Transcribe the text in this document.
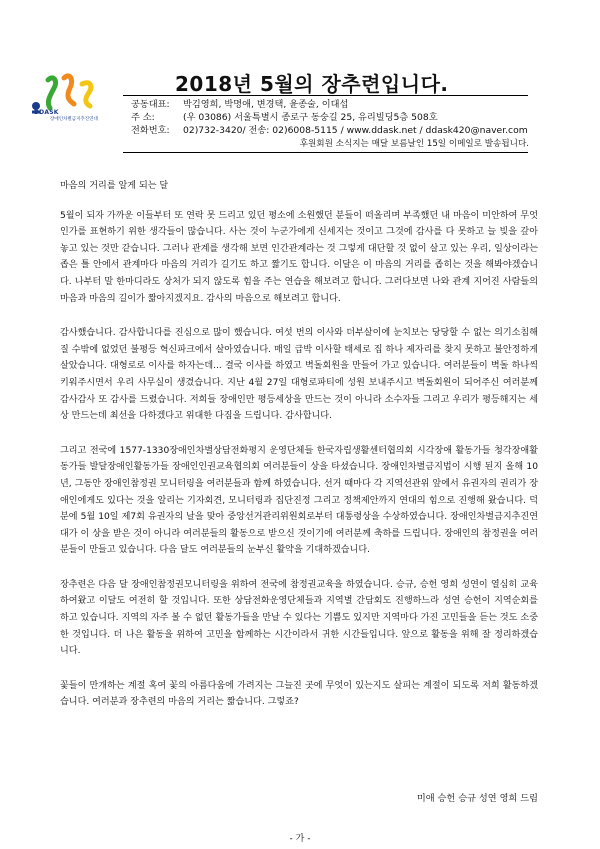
DDASK
장애인차별금지추진연대
2018년 5월의 장추련입니다.
공동대표: 박김영희, 박명애, 변경택, 윤종술, 이대섭
주 소:	(우 03086) 서울특별시 종로구 동숭길 25, 유리빌딩5층 508호
전화번호: 02)732-3420/ 전송: 02)6008-5115 / www.ddask.net / ddask420@naver.com
후원회원 소식지는 매달 보름날인 15일 이메일로 발송됩니다.

마음의 거리를 알게 되는 달

5월이 되자 가까운 이들부터 또 연락 못 드리고 있던 평소에 소원했던 분들이 떠올리며 부족했던 내 마음이 미안하여 무엇인가를 표현하기 위한 생각들이 많습니다. 사는 것이 누군가에게 신세지는 것이고 그것에 감사를 다 못하고 늘 빚을 갚아놓고 있는 것만 같습니다. 그러나 관계를 생각해 보면 인간관계라는 것 그렇게 대단할 것 없이 살고 있는 우리, 일상이라는 좁은 틀 안에서 관계마다 마음의 거리가 길기도 하고 짧기도 합니다. 이달은 이 마음의 거리를 좁히는 것을 해봐야겠습니다. 나부터 말 한마디라도 상처가 되지 않도록 힘을 주는 연습을 해보려고 합니다. 그러다보면 나와 관계 지어진 사람들의 마음과 마음의 길이가 짧아지겠지요. 감사의 마음으로 해보려고 합니다.

감사했습니다. 감사합니다를 진심으로 많이 했습니다. 여섯 번의 이사와 더부살이에 눈치보는 당당할 수 없는 의기소침해질 수밖에 없었던 불평등 혁신파크에서 살아였습니다. 매일 급박 이사할 태세로 집 하나 제자리를 찾지 못하고 불안정하게 살았습니다. 대형로로 이사를 하자는데... 결국 이사를 하였고 벽돌회원을 만들어 가고 있습니다. 여러분들이 벽돌 하나씩 키워주시면서 우리 사무실이 생겼습니다. 지난 4월 27일 대형로파티에 성원 보내주시고 벽돌회원이 되어주신 여러분께 감사감사 또 감사를 드렸습니다. 저희들 장애인만 평등세상을 만드는 것이 아니라 소수자들 그리고 우리가 평등해지는 세상 만드는데 최선을 다하겠다고 위대한 다짐을 드립니다. 감사합니다.

그리고 전국에 1577-1330장애인차별상담전화평지 운영단체들 한국자립생활센터협의회 시각장애 활동가들 청각장애활동가들 발달장애인활동가들 장애인인권교육협의회 여러분들이 상을 타셨습니다. 장애인차별금지법이 시행 된지 올해 10년, 그동안 장애인참정권 모니터링을 여러분들과 함께 하였습니다. 선거 때마다 각 지역선관위 앞에서 유권자의 권리가 장애인에게도 있다는 것을 알리는 기자회견, 모니터링과 집단진정 그리고 정책제안까지 연대의 힘으로 진행해 왔습니다. 덕분에 5월 10일 제7회 유권자의 날을 맞아 중앙선거관리위원회로부터 대통령상을 수상하였습니다. 장애인차별금지추진연대가 이 상을 받은 것이 아니라 여러분들의 활동으로 받으신 것이기에 여러분께 축하를 드립니다. 장애인의 참정권을 여러분들이 만들고 있습니다. 다음 달도 여러분들의 눈부신 활약을 기대하겠습니다.

장추련은 다음 달 장애인참정권모니터링을 위하여 전국에 참정권교육을 하였습니다. 승규, 승헌 영희 성연이 열심히 교육하여왔고 이달도 여전히 할 것입니다. 또한 상담전화운영단체들과 지역별 간담회도 진행하느라 성연 승헌이 지역순회를 하고 있습니다. 지역의 자주 볼 수 없던 활동가들을 만날 수 있다는 기쁨도 있지만 지역마다 가진 고민들을 듣는 것도 소중한 것입니다. 더 나은 활동을 위하여 고민을 함께하는 시간이라서 귀한 시간들입니다. 앞으로 활동을 위해 잘 정리하겠습니다.

꽃들이 만개하는 계절 혹여 꽃의 아름다움에 가려지는 그늘진 곳에 무엇이 있는지도 살피는 계절이 되도록 저희 활동하겠습니다. 여러분과 장추련의 마음의 거리는 짧습니다. 그렇죠?

미애 승헌 승규 성연 영희 드림
- 가 -
